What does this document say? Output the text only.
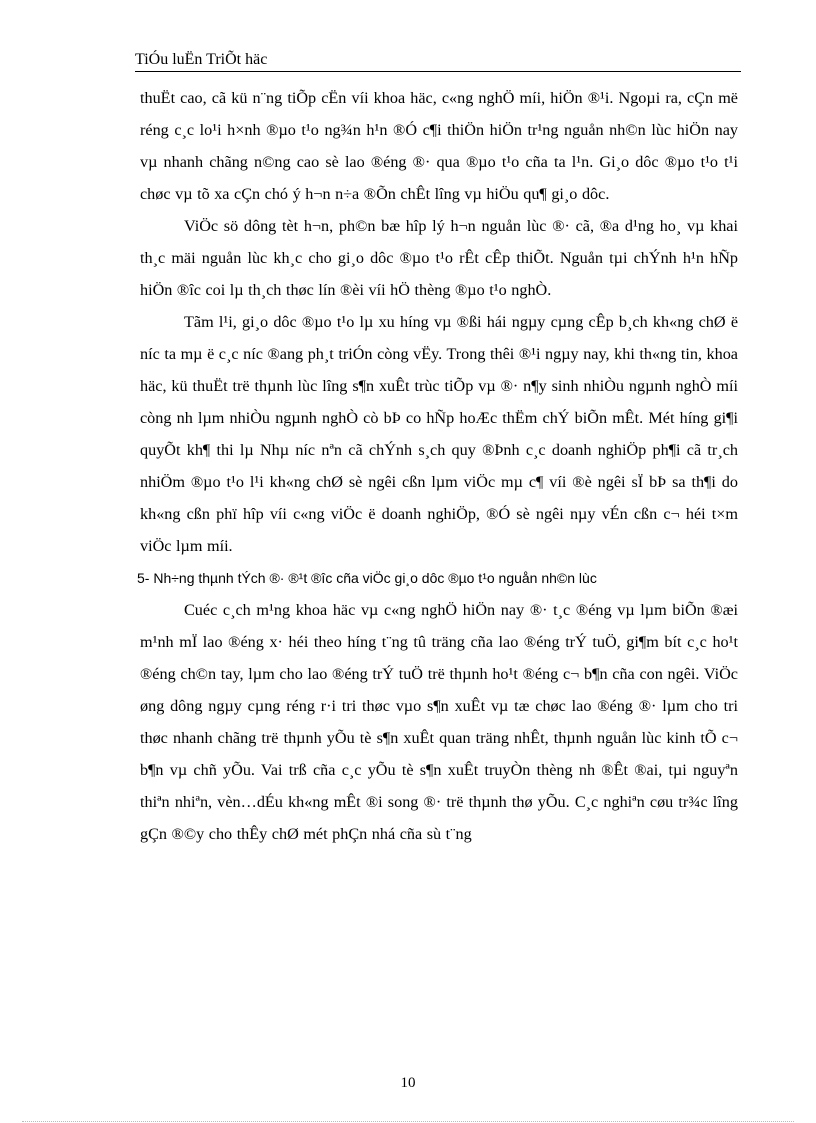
TiÓu luËn TriÕt häc

thuËt cao, cã kü n¨ng tiÕp cËn víi khoa häc, c«ng nghÖ míi, hiÖn ®¹i. Ngoµi ra, cÇn më réng c¸c lo¹i h×nh ®µo t¹o ng¾n h¹n ®Ó c¶i thiÖn hiÖn tr¹ng nguån nh©n lùc hiÖn nay vµ nhanh chãng n©ng cao sè lao ®éng ®· qua ®µo t¹o cña ta l¹n. Gi¸o dôc ®µo t¹o t¹i chøc vµ tõ xa cÇn chó ý h¬n n÷a ®Õn chÊt lîng vµ hiÖu qu¶ gi¸o dôc.

ViÖc sö dông tèt h¬n, ph©n bæ hîp lý h¬n nguån lùc ®· cã, ®a d¹ng ho¸ vµ khai th¸c mäi nguån lùc kh¸c cho gi¸o dôc ®µo t¹o rÊt cÊp thiÕt. Nguån tµi chÝnh h¹n hÑp hiÖn ®îc coi lµ th¸ch thøc lín ®èi víi hÖ thèng ®µo t¹o nghÒ.

Tãm l¹i, gi¸o dôc ®µo t¹o lµ xu híng vµ ®ßi hái ngµy cµng cÊp b¸ch kh«ng chØ ë níc ta mµ ë c¸c níc ®ang ph¸t triÓn còng vËy. Trong thêi ®¹i ngµy nay, khi th«ng tin, khoa häc, kü thuËt trë thµnh lùc lîng s¶n xuÊt trùc tiÕp vµ ®· n¶y sinh nhiÒu ngµnh nghÒ míi còng nh lµm nhiÒu ngµnh nghÒ cò bÞ co hÑp hoÆc thËm chÝ biÕn mÊt. Mét híng gi¶i quyÕt kh¶ thi lµ Nhµ níc nªn cã chÝnh s¸ch quy ®Þnh c¸c doanh nghiÖp ph¶i cã tr¸ch nhiÖm ®µo t¹o l¹i kh«ng chØ sè ngêi cßn lµm viÖc mµ c¶ víi ®è ngêi sÏ bÞ sa th¶i do kh«ng cßn phï hîp víi c«ng viÖc ë doanh nghiÖp, ®Ó sè ngêi nµy vÉn cßn c¬ héi t×m viÖc lµm míi.

5- Nh÷ng thµnh tÝch ®· ®¹t ®îc cña viÖc gi¸o dôc ®µo t¹o nguån nh©n lùc

Cuéc c¸ch m¹ng khoa häc vµ c«ng nghÖ hiÖn nay ®· t¸c ®éng vµ lµm biÕn ®æi m¹nh mÏ lao ®éng x· héi theo híng t¨ng tû träng cña lao ®éng trÝ tuÖ, gi¶m bít c¸c ho¹t ®éng ch©n tay, lµm cho lao ®éng trÝ tuÖ trë thµnh ho¹t ®éng c¬ b¶n cña con ngêi. ViÖc øng dông ngµy cµng réng r·i tri thøc vµo s¶n xuÊt vµ tæ chøc lao ®éng ®· lµm cho tri thøc nhanh chãng trë thµnh yÕu tè s¶n xuÊt quan träng nhÊt, thµnh nguån lùc kinh tÕ c¬ b¶n vµ chñ yÕu. Vai trß cña c¸c yÕu tè s¶n xuÊt truyÒn thèng nh ®Êt ®ai, tµi nguyªn thiªn nhiªn, vèn…dÉu kh«ng mÊt ®i song ®· trë thµnh thø yÕu. C¸c nghiªn cøu tr¾c lîng gÇn ®©y cho thÊy chØ mét phÇn nhá cña sù t¨ng

10
